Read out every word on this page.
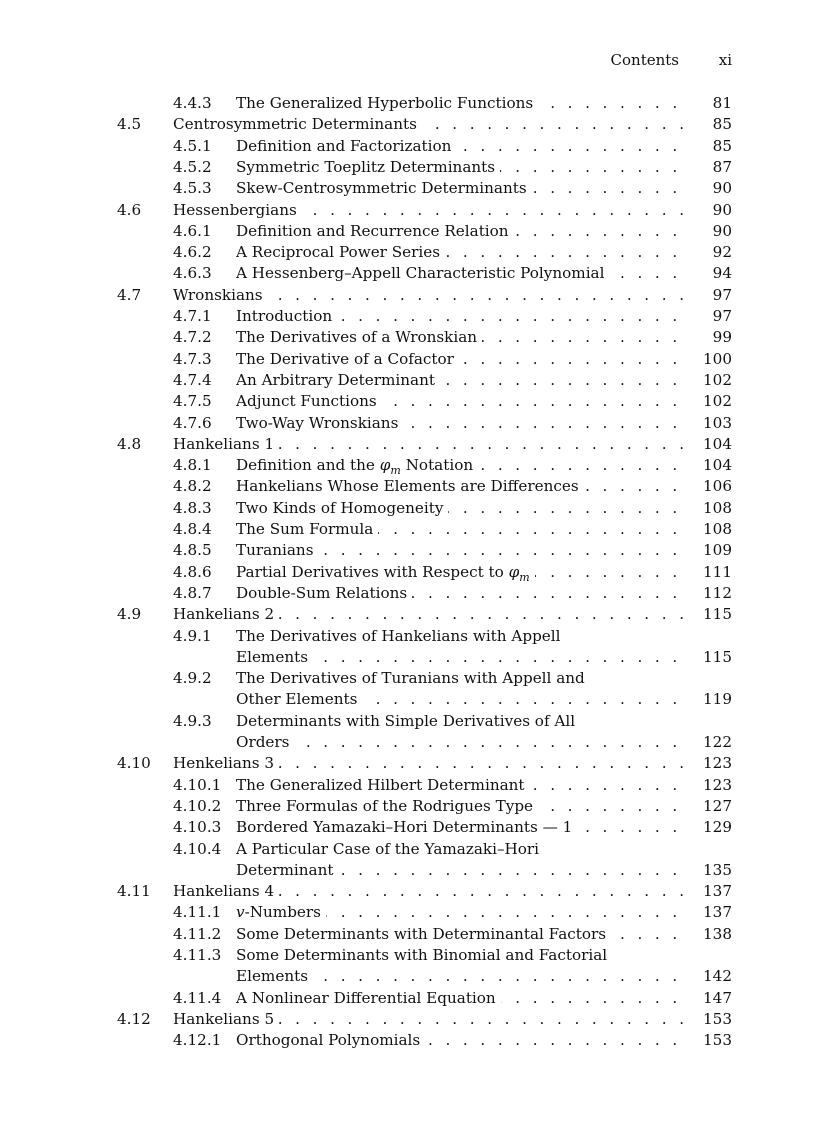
Contents	xi
4.4.3 The Generalized Hyperbolic Functions . . .	81
4.5 Centrosymmetric Determinants . . .	85
4.5.1 Definition and Factorization . . .	85
4.5.2 Symmetric Toeplitz Determinants . . .	87
4.5.3 Skew-Centrosymmetric Determinants . . .	90
4.6 Hessenbergians . . .	90
4.6.1 Definition and Recurrence Relation . . .	90
4.6.2 A Reciprocal Power Series . . .	92
4.6.3 A Hessenberg–Appell Characteristic Polynomial . . .	94
4.7 Wronskians . . .	97
4.7.1 Introduction . . .	97
4.7.2 The Derivatives of a Wronskian . . .	99
4.7.3 The Derivative of a Cofactor . . .	100
4.7.4 An Arbitrary Determinant . . .	102
4.7.5 Adjunct Functions . . .	102
4.7.6 Two-Way Wronskians . . .	103
4.8 Hankelians 1 . . .	104
4.8.1 Definition and the $\varphi_m$ Notation . . .	104
4.8.2 Hankelians Whose Elements are Differences . . .	106
4.8.3 Two Kinds of Homogeneity . . .	108
4.8.4 The Sum Formula . . .	108
4.8.5 Turanians . . .	109
4.8.6 Partial Derivatives with Respect to $\varphi_m$ . . .	111
4.8.7 Double-Sum Relations . . .	112
4.9 Hankelians 2 . . .	115
4.9.1 The Derivatives of Hankelians with Appell
Elements . . .	115
4.9.2 The Derivatives of Turanians with Appell and
Other Elements . . .	119
4.9.3 Determinants with Simple Derivatives of All
Orders . . .	122
4.10 Henkelians 3 . . .	123
4.10.1 The Generalized Hilbert Determinant . . .	123
4.10.2 Three Formulas of the Rodrigues Type . . .	127
4.10.3 Bordered Yamazaki–Hori Determinants — 1 . . .	129
4.10.4 A Particular Case of the Yamazaki–Hori
Determinant . . .	135
4.11 Hankelians 4 . . .	137
4.11.1 v-Numbers . . .	137
4.11.2 Some Determinants with Determinantal Factors . . .	138
4.11.3 Some Determinants with Binomial and Factorial
Elements . . .	142
4.11.4 A Nonlinear Differential Equation . . .	147
4.12 Hankelians 5 . . .	153
4.12.1 Orthogonal Polynomials . . .	153
